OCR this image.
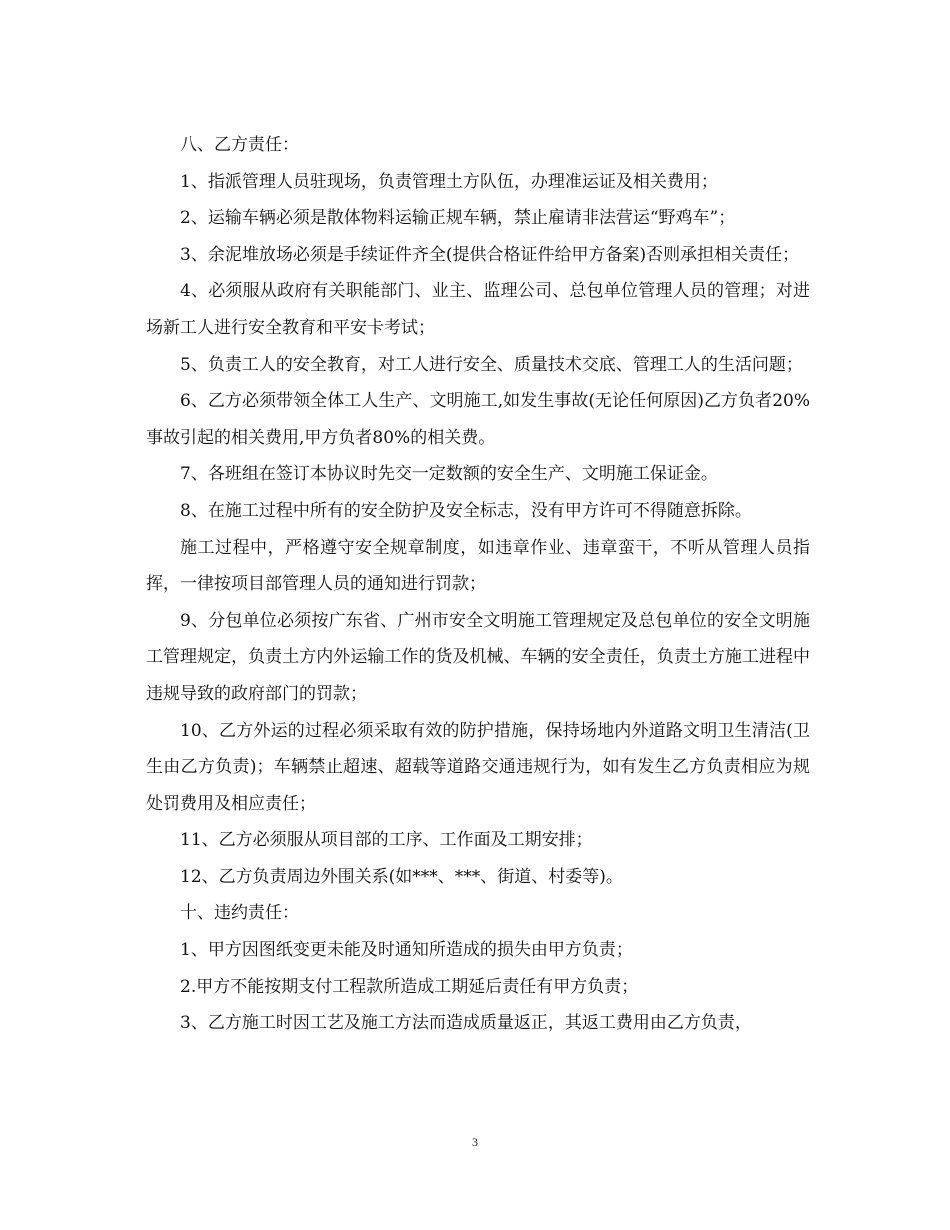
八、乙方责任：

1、指派管理人员驻现场，负责管理土方队伍，办理准运证及相关费用；

2、运输车辆必须是散体物料运输正规车辆，禁止雇请非法营运“野鸡车”；

3、余泥堆放场必须是手续证件齐全(提供合格证件给甲方备案)否则承担相关责任；

4、必须服从政府有关职能部门、业主、监理公司、总包单位管理人员的管理；对进场新工人进行安全教育和平安卡考试；

5、负责工人的安全教育，对工人进行安全、质量技术交底、管理工人的生活问题；

6、乙方必须带领全体工人生产、文明施工,如发生事故(无论任何原因)乙方负者20%事故引起的相关费用,甲方负者80%的相关费。

7、各班组在签订本协议时先交一定数额的安全生产、文明施工保证金。

8、在施工过程中所有的安全防护及安全标志，没有甲方许可不得随意拆除。

施工过程中，严格遵守安全规章制度，如违章作业、违章蛮干，不听从管理人员指挥，一律按项目部管理人员的通知进行罚款；

9、分包单位必须按广东省、广州市安全文明施工管理规定及总包单位的安全文明施工管理规定，负责土方内外运输工作的货及机械、车辆的安全责任，负责土方施工进程中违规导致的政府部门的罚款；

10、乙方外运的过程必须采取有效的防护措施，保持场地内外道路文明卫生清洁(卫生由乙方负责)；车辆禁止超速、超载等道路交通违规行为，如有发生乙方负责相应为规处罚费用及相应责任；

11、乙方必须服从项目部的工序、工作面及工期安排；

12、乙方负责周边外围关系(如***、***、街道、村委等)。

十、违约责任：

1、甲方因图纸变更未能及时通知所造成的损失由甲方负责；

2.甲方不能按期支付工程款所造成工期延后责任有甲方负责；

3、乙方施工时因工艺及施工方法而造成质量返正，其返工费用由乙方负责，

3
